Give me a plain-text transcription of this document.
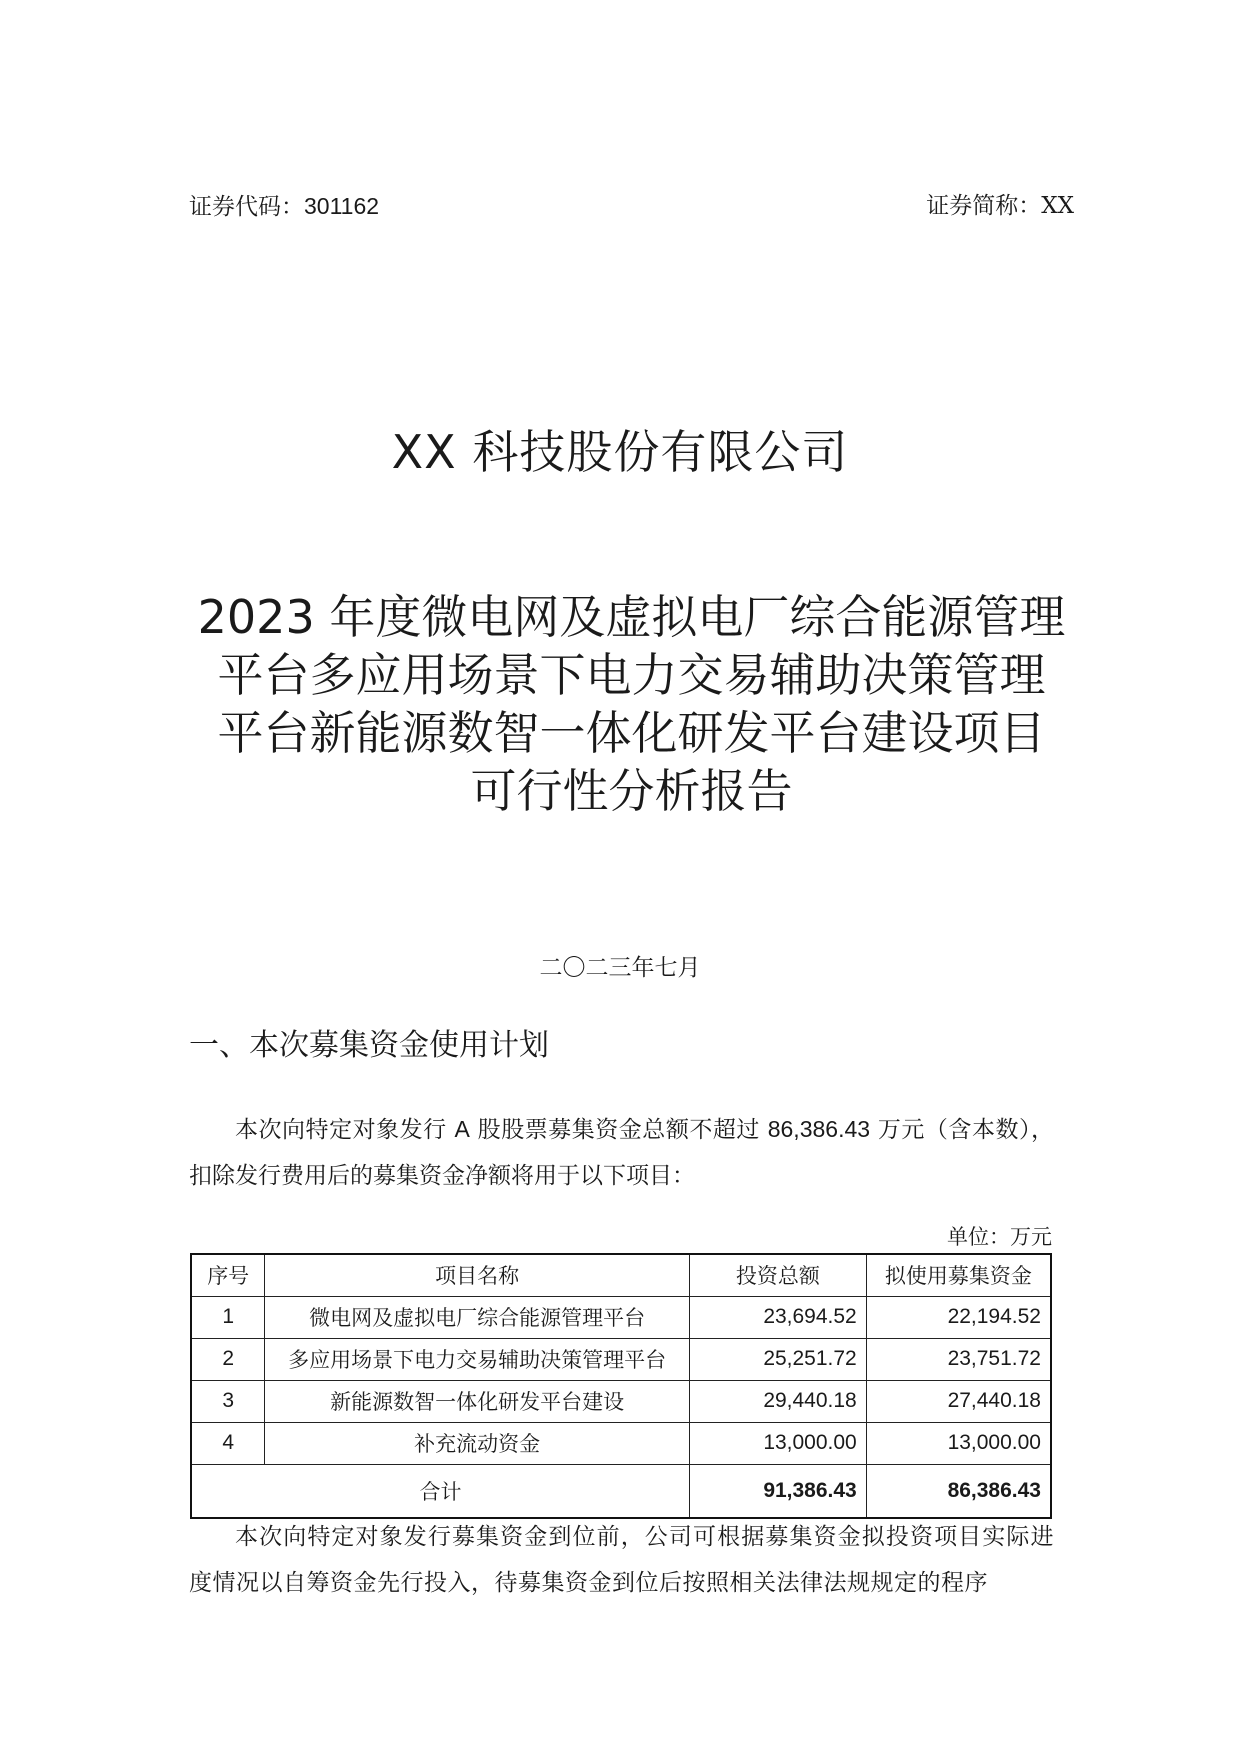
证券代码：301162	证券简称：XX
XX 科技股份有限公司
2023 年度微电网及虚拟电厂综合能源管理
平台多应用场景下电力交易辅助决策管理
平台新能源数智一体化研发平台建设项目
可行性分析报告
二〇二三年七月
一、本次募集资金使用计划
本次向特定对象发行 A 股股票募集资金总额不超过 86,386.43 万元（含本数），扣除发行费用后的募集资金净额将用于以下项目：
单位：万元
序号	项目名称	投资总额	拟使用募集资金
1	微电网及虚拟电厂综合能源管理平台	23,694.52	22,194.52
2	多应用场景下电力交易辅助决策管理平台	25,251.72	23,751.72
3	新能源数智一体化研发平台建设	29,440.18	27,440.18
4	补充流动资金	13,000.00	13,000.00
合计		91,386.43	86,386.43
本次向特定对象发行募集资金到位前，公司可根据募集资金拟投资项目实际进度情况以自筹资金先行投入，待募集资金到位后按照相关法律法规规定的程序
